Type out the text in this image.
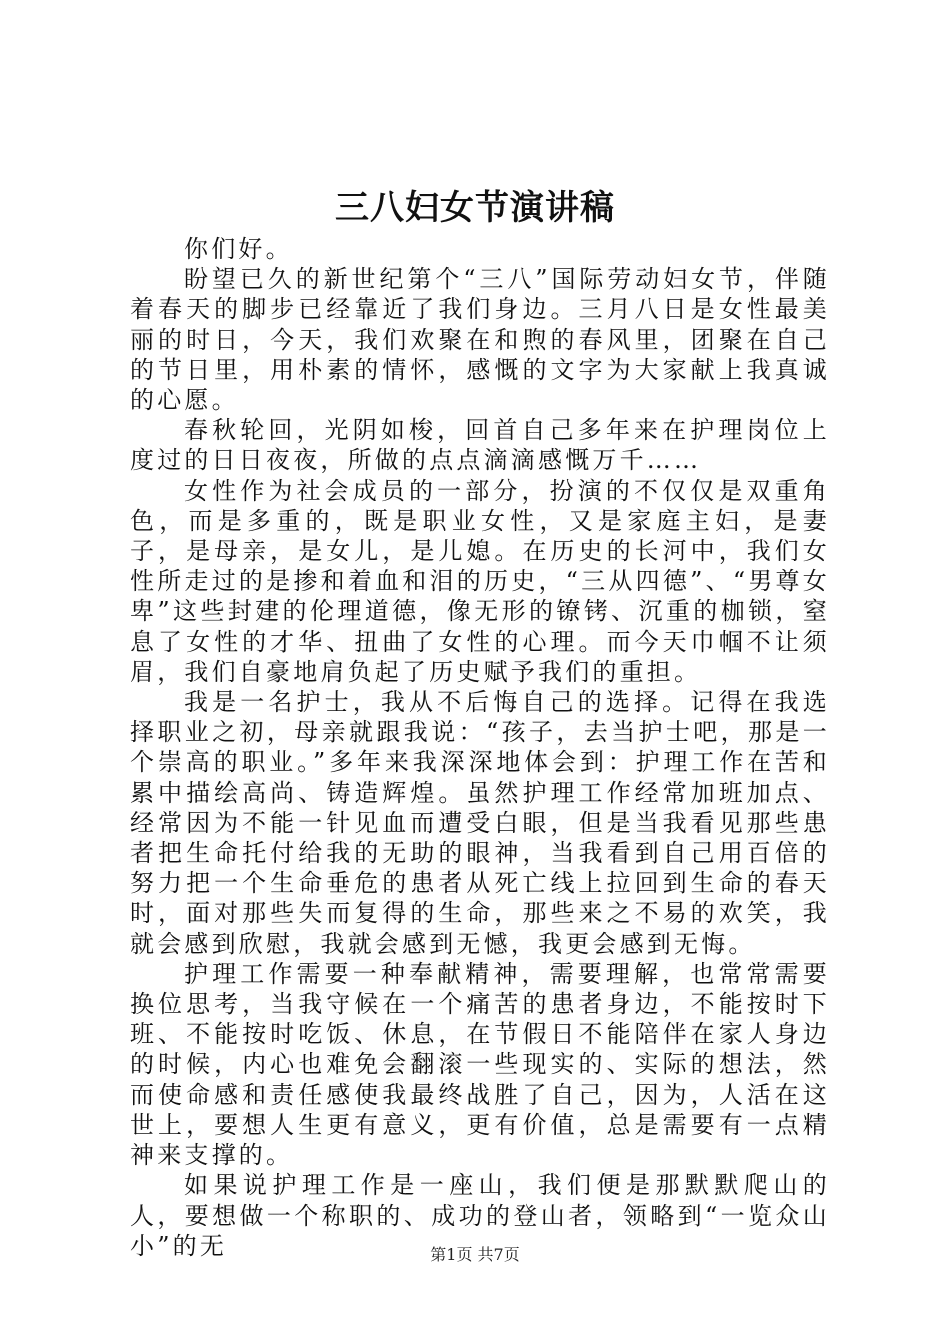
三八妇女节演讲稿

你们好。

盼望已久的新世纪第个“三八”国际劳动妇女节，伴随着春天的脚步已经靠近了我们身边。三月八日是女性最美丽的时日，今天，我们欢聚在和煦的春风里，团聚在自己的节日里，用朴素的情怀，感慨的文字为大家献上我真诚的心愿。

春秋轮回，光阴如梭，回首自己多年来在护理岗位上度过的日日夜夜，所做的点点滴滴感慨万千……

女性作为社会成员的一部分，扮演的不仅仅是双重角色，而是多重的，既是职业女性，又是家庭主妇，是妻子，是母亲，是女儿，是儿媳。在历史的长河中，我们女性所走过的是掺和着血和泪的历史，“三从四德”、“男尊女卑”这些封建的伦理道德，像无形的镣铐、沉重的枷锁，窒息了女性的才华、扭曲了女性的心理。而今天巾帼不让须眉，我们自豪地肩负起了历史赋予我们的重担。

我是一名护士，我从不后悔自己的选择。记得在我选择职业之初，母亲就跟我说：“孩子，去当护士吧，那是一个崇高的职业。”多年来我深深地体会到：护理工作在苦和累中描绘高尚、铸造辉煌。虽然护理工作经常加班加点、经常因为不能一针见血而遭受白眼，但是当我看见那些患者把生命托付给我的无助的眼神，当我看到自己用百倍的努力把一个生命垂危的患者从死亡线上拉回到生命的春天时，面对那些失而复得的生命，那些来之不易的欢笑，我就会感到欣慰，我就会感到无憾，我更会感到无悔。

护理工作需要一种奉献精神，需要理解，也常常需要换位思考，当我守候在一个痛苦的患者身边，不能按时下班、不能按时吃饭、休息，在节假日不能陪伴在家人身边的时候，内心也难免会翻滚一些现实的、实际的想法，然而使命感和责任感使我最终战胜了自己，因为，人活在这世上，要想人生更有意义，更有价值，总是需要有一点精神来支撑的。

如果说护理工作是一座山，我们便是那默默爬山的人，要想做一个称职的、成功的登山者，领略到“一览众山小”的无	第1页 共7页
